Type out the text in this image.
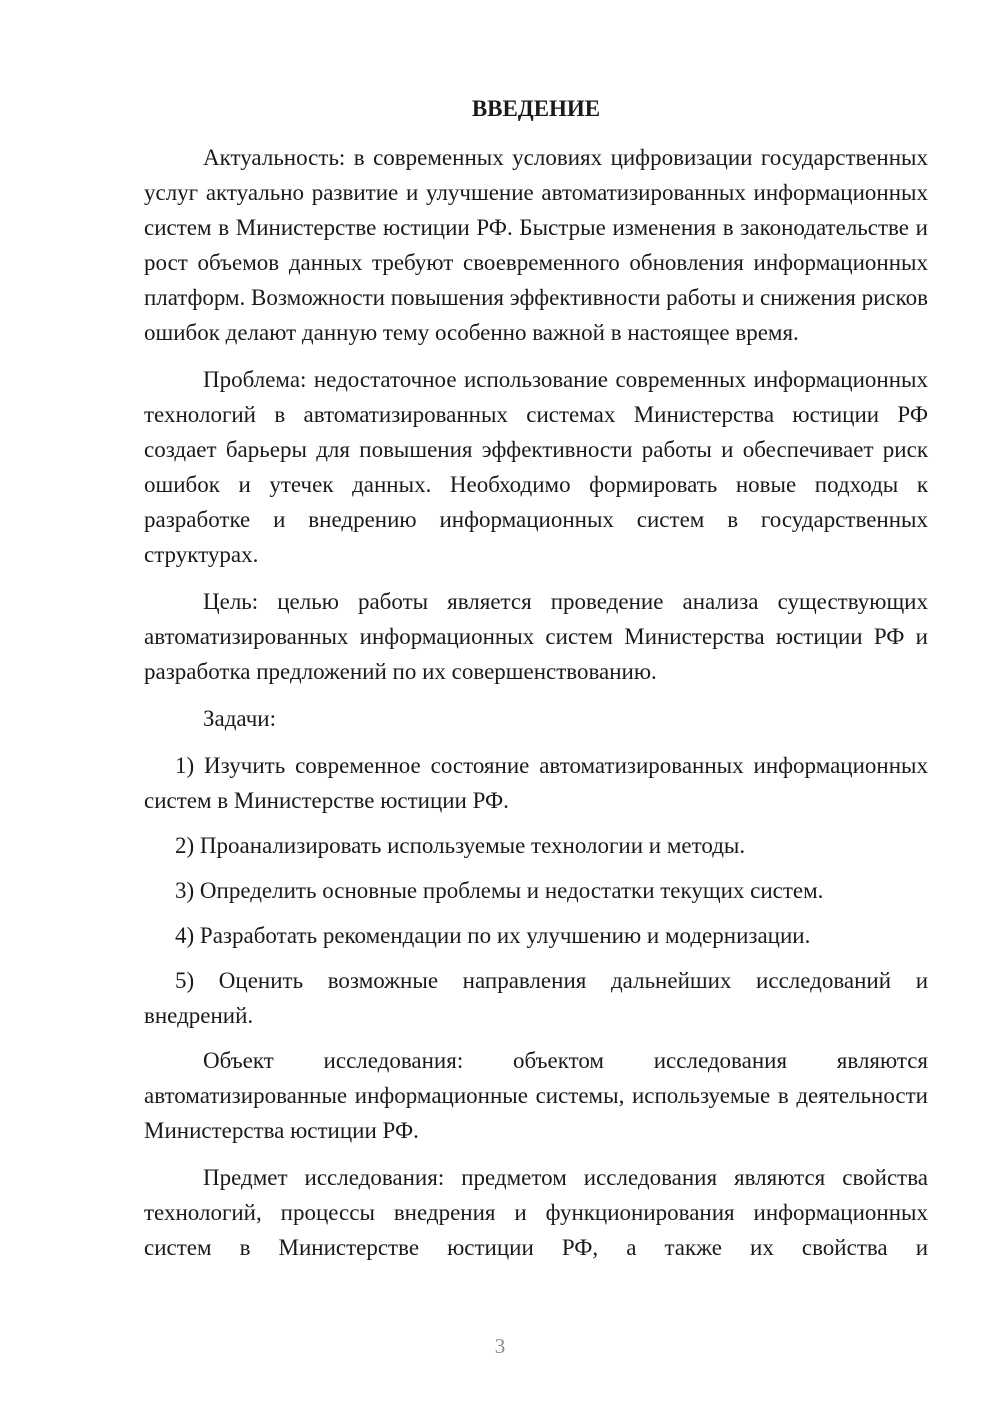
ВВЕДЕНИЕ

Актуальность: в современных условиях цифровизации государственных услуг актуально развитие и улучшение автоматизированных информационных систем в Министерстве юстиции РФ. Быстрые изменения в законодательстве и рост объемов данных требуют своевременного обновления информационных платформ. Возможности повышения эффективности работы и снижения рисков ошибок делают данную тему особенно важной в настоящее время.

Проблема: недостаточное использование современных информационных технологий в автоматизированных системах Министерства юстиции РФ создает барьеры для повышения эффективности работы и обеспечивает риск ошибок и утечек данных. Необходимо формировать новые подходы к разработке и внедрению информационных систем в государственных структурах.

Цель: целью работы является проведение анализа существующих автоматизированных информационных систем Министерства юстиции РФ и разработка предложений по их совершенствованию.

Задачи:

1) Изучить современное состояние автоматизированных информационных систем в Министерстве юстиции РФ.

2) Проанализировать используемые технологии и методы.

3) Определить основные проблемы и недостатки текущих систем.

4) Разработать рекомендации по их улучшению и модернизации.

5) Оценить возможные направления дальнейших исследований и внедрений.

Объект исследования: объектом исследования являются автоматизированные информационные системы, используемые в деятельности Министерства юстиции РФ.

Предмет исследования: предметом исследования являются свойства технологий, процессы внедрения и функционирования информационных систем в Министерстве юстиции РФ, а также их свойства и

3
